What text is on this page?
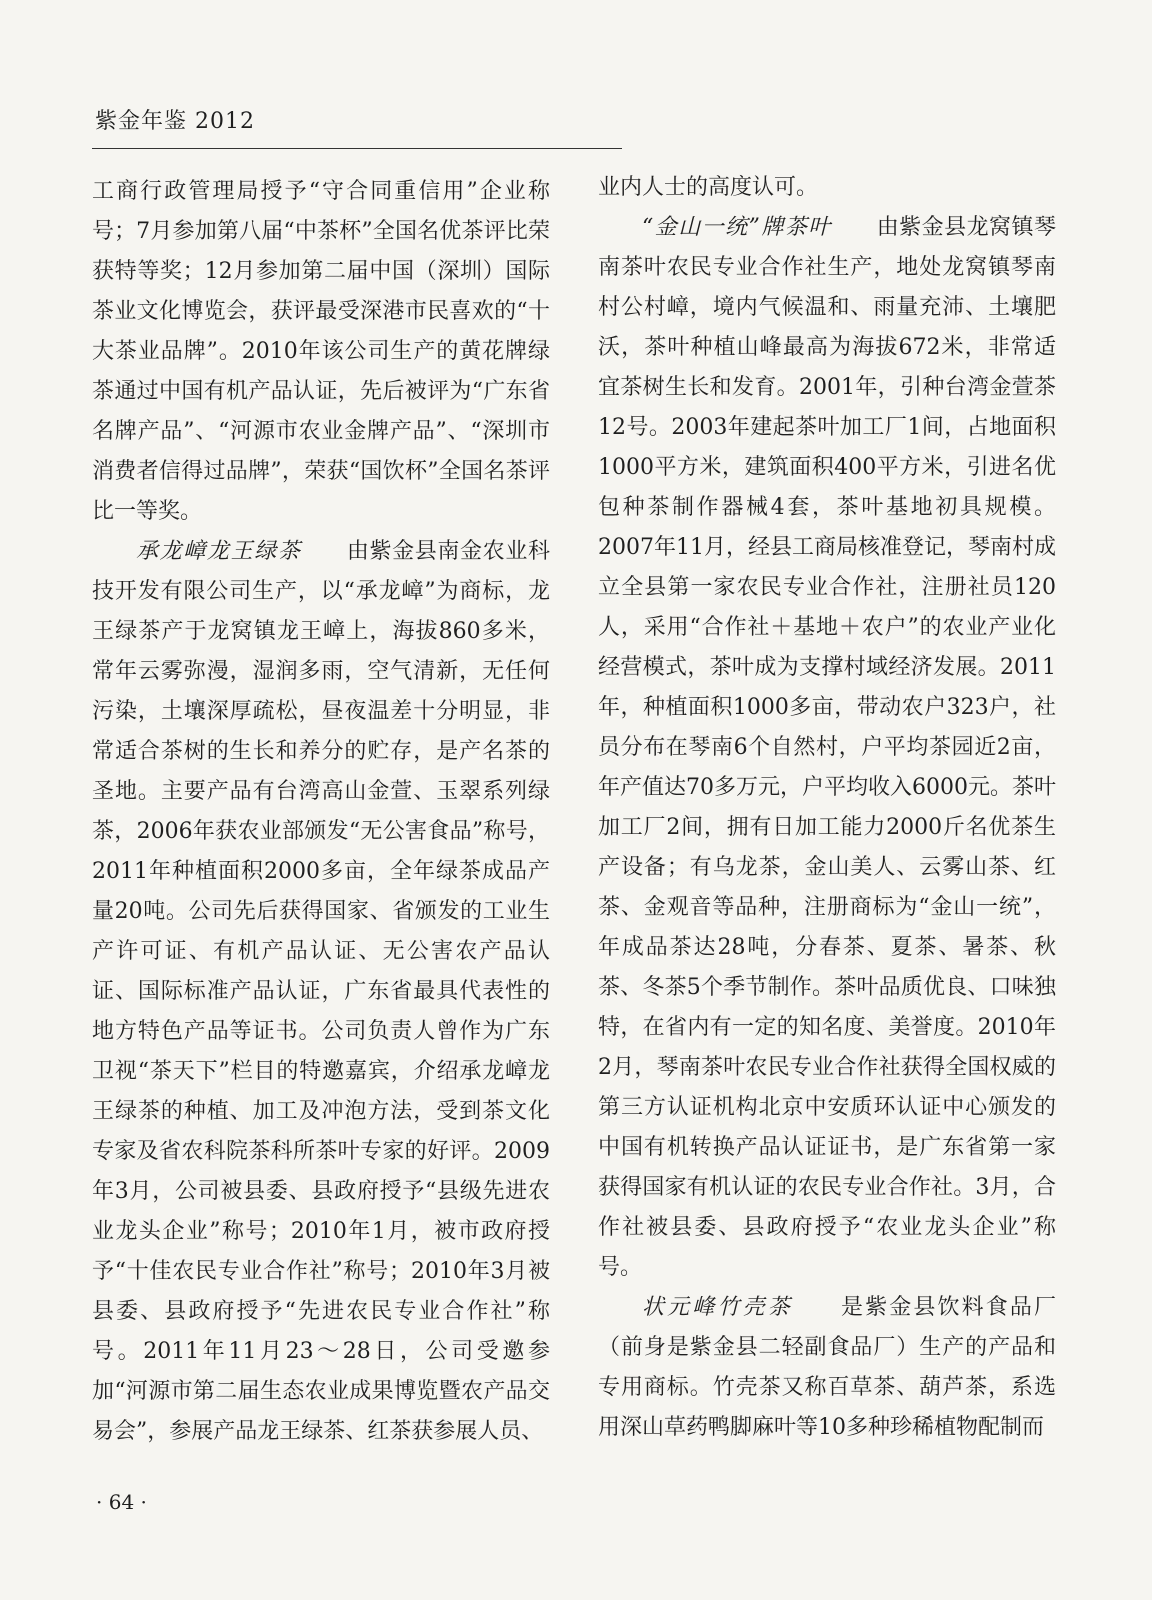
紫金年鉴 2012

工商行政管理局授予“守合同重信用”企业称号；7月参加第八届“中茶杯”全国名优茶评比荣获特等奖；12月参加第二届中国（深圳）国际茶业文化博览会，获评最受深港市民喜欢的“十大茶业品牌”。2010年该公司生产的黄花牌绿茶通过中国有机产品认证，先后被评为“广东省名牌产品”、“河源市农业金牌产品”、“深圳市消费者信得过品牌”，荣获“国饮杯”全国名茶评比一等奖。

承龙嶂龙王绿茶　　 由紫金县南金农业科技开发有限公司生产，以“承龙嶂”为商标，龙王绿茶产于龙窝镇龙王嶂上，海拔860多米，常年云雾弥漫，湿润多雨，空气清新，无任何污染，土壤深厚疏松，昼夜温差十分明显，非常适合茶树的生长和养分的贮存，是产名茶的圣地。主要产品有台湾高山金萱、玉翠系列绿茶，2006年获农业部颁发“无公害食品”称号，2011年种植面积2000多亩，全年绿茶成品产量20吨。公司先后获得国家、省颁发的工业生产许可证、有机产品认证、无公害农产品认证、国际标准产品认证，广东省最具代表性的地方特色产品等证书。公司负责人曾作为广东卫视“茶天下”栏目的特邀嘉宾，介绍承龙嶂龙王绿茶的种植、加工及冲泡方法，受到茶文化专家及省农科院茶科所茶叶专家的好评。2009年3月，公司被县委、县政府授予“县级先进农业龙头企业”称号；2010年1月，被市政府授予“十佳农民专业合作社”称号；2010年3月被县委、县政府授予“先进农民专业合作社”称号。2011年11月23～28日，公司受邀参加“河源市第二届生态农业成果博览暨农产品交易会”，参展产品龙王绿茶、红茶获参展人员、

业内人士的高度认可。

“金山一统”牌茶叶　　 由紫金县龙窝镇琴南茶叶农民专业合作社生产，地处龙窝镇琴南村公村嶂，境内气候温和、雨量充沛、土壤肥沃，茶叶种植山峰最高为海拔672米，非常适宜茶树生长和发育。2001年，引种台湾金萱茶12号。2003年建起茶叶加工厂1间，占地面积1000平方米，建筑面积400平方米，引进名优包种茶制作器械4套，茶叶基地初具规模。2007年11月，经县工商局核准登记，琴南村成立全县第一家农民专业合作社，注册社员120人，采用“合作社＋基地＋农户”的农业产业化经营模式，茶叶成为支撑村域经济发展。2011年，种植面积1000多亩，带动农户323户，社员分布在琴南6个自然村，户平均茶园近2亩，年产值达70多万元，户平均收入6000元。茶叶加工厂2间，拥有日加工能力2000斤名优茶生产设备；有乌龙茶，金山美人、云雾山茶、红茶、金观音等品种，注册商标为“金山一统”，年成品茶达28吨，分春茶、夏茶、暑茶、秋茶、冬茶5个季节制作。茶叶品质优良、口味独特，在省内有一定的知名度、美誉度。2010年2月，琴南茶叶农民专业合作社获得全国权威的第三方认证机构北京中安质环认证中心颁发的中国有机转换产品认证证书，是广东省第一家获得国家有机认证的农民专业合作社。3月，合作社被县委、县政府授予“农业龙头企业”称号。

状元峰竹壳茶　　 是紫金县饮料食品厂（前身是紫金县二轻副食品厂）生产的产品和专用商标。竹壳茶又称百草茶、葫芦茶，系选用深山草药鸭脚麻叶等10多种珍稀植物配制而

· 64 ·
